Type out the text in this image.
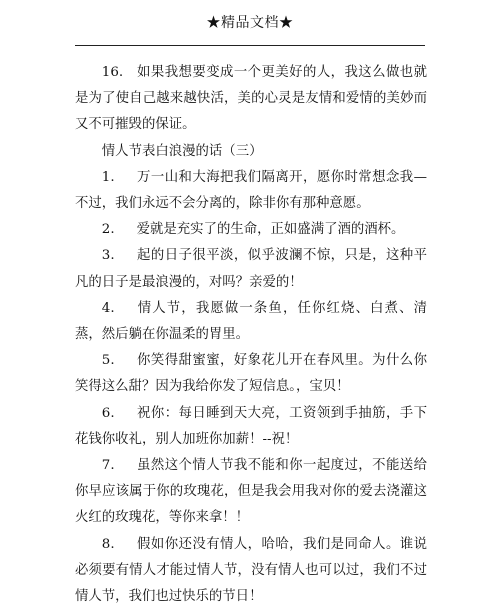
★精品文档★

16. 如果我想要变成一个更美好的人，我这么做也就是为了使自己越来越快活，美的心灵是友情和爱情的美妙而又不可摧毁的保证。

情人节表白浪漫的话（三）

1. 万一山和大海把我们隔离开，愿你时常想念我—不过，我们永远不会分离的，除非你有那种意愿。

2. 爱就是充实了的生命，正如盛满了酒的酒杯。

3. 起的日子很平淡，似乎波澜不惊，只是，这种平凡的日子是最浪漫的，对吗？亲爱的！

4. 情人节，我愿做一条鱼，任你红烧、白煮、清蒸，然后躺在你温柔的胃里。

5. 你笑得甜蜜蜜，好象花儿开在春风里。为什么你笑得这么甜？因为我给你发了短信息。，宝贝！

6. 祝你：每日睡到天大亮，工资领到手抽筋，手下花钱你收礼，别人加班你加薪！--祝！

7. 虽然这个情人节我不能和你一起度过，不能送给你早应该属于你的玫瑰花，但是我会用我对你的爱去浇灌这火红的玫瑰花，等你来拿！！

8. 假如你还没有情人，哈哈，我们是同命人。谁说必须要有情人才能过情人节，没有情人也可以过，我们不过情人节，我们也过快乐的节日！
